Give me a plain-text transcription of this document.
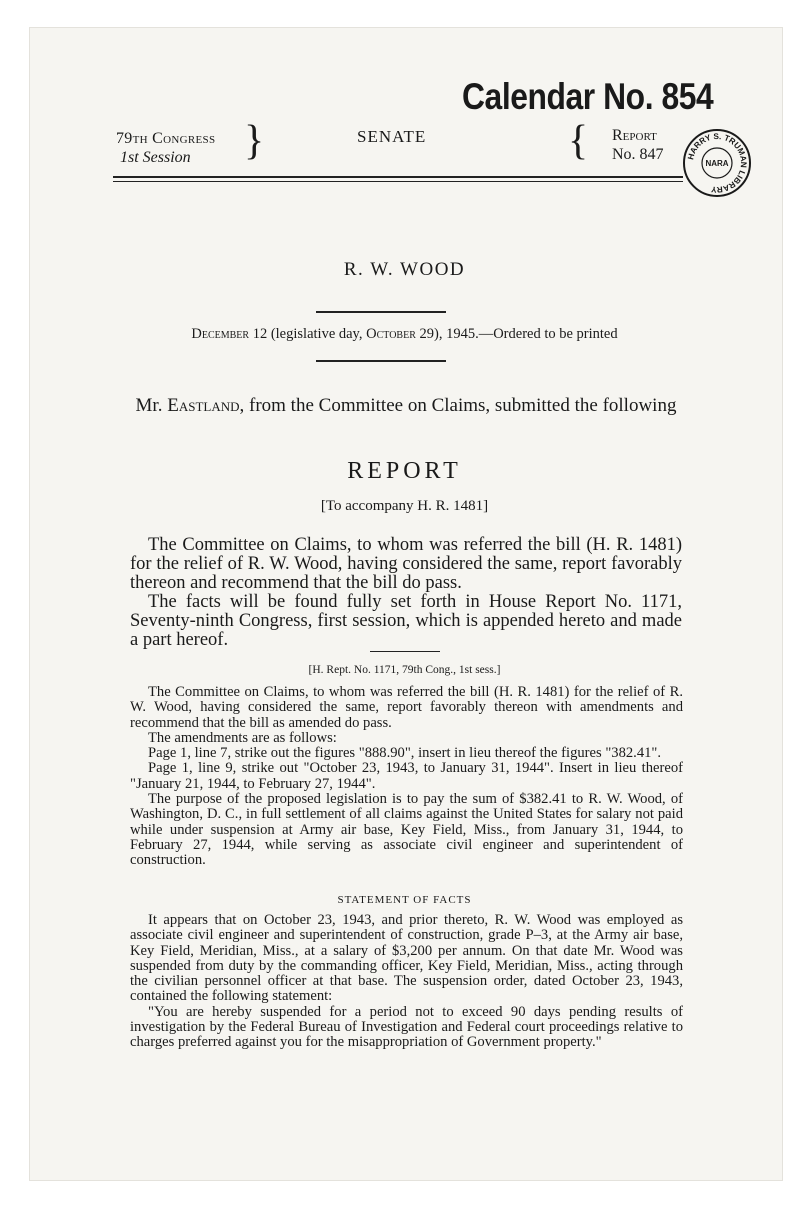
Calendar No. 854
79th Congress
1st Session	}	SENATE	{ Report
No. 847	HARRY S. TRUMAN LIBRARY
NARA
R. W. WOOD
December 12 (legislative day, October 29), 1945.—Ordered to be printed
Mr. Eastland, from the Committee on Claims, submitted the following
REPORT
[To accompany H. R. 1481]

The Committee on Claims, to whom was referred the bill (H. R. 1481) for the relief of R. W. Wood, having considered the same, report favorably thereon and recommend that the bill do pass.

The facts will be found fully set forth in House Report No. 1171, Seventy-ninth Congress, first session, which is appended hereto and made a part hereof.

[H. Rept. No. 1171, 79th Cong., 1st sess.]

The Committee on Claims, to whom was referred the bill (H. R. 1481) for the relief of R. W. Wood, having considered the same, report favorably thereon with amendments and recommend that the bill as amended do pass.

The amendments are as follows:

Page 1, line 7, strike out the figures "888.90", insert in lieu thereof the figures "382.41".

Page 1, line 9, strike out "October 23, 1943, to January 31, 1944". Insert in lieu thereof "January 21, 1944, to February 27, 1944".

The purpose of the proposed legislation is to pay the sum of $382.41 to R. W. Wood, of Washington, D. C., in full settlement of all claims against the United States for salary not paid while under suspension at Army air base, Key Field, Miss., from January 31, 1944, to February 27, 1944, while serving as associate civil engineer and superintendent of construction.

STATEMENT OF FACTS

It appears that on October 23, 1943, and prior thereto, R. W. Wood was employed as associate civil engineer and superintendent of construction, grade P–3, at the Army air base, Key Field, Meridian, Miss., at a salary of $3,200 per annum. On that date Mr. Wood was suspended from duty by the commanding officer, Key Field, Meridian, Miss., acting through the civilian personnel officer at that base. The suspension order, dated October 23, 1943, contained the following statement:

"You are hereby suspended for a period not to exceed 90 days pending results of investigation by the Federal Bureau of Investigation and Federal court proceedings relative to charges preferred against you for the misappropriation of Government property."
